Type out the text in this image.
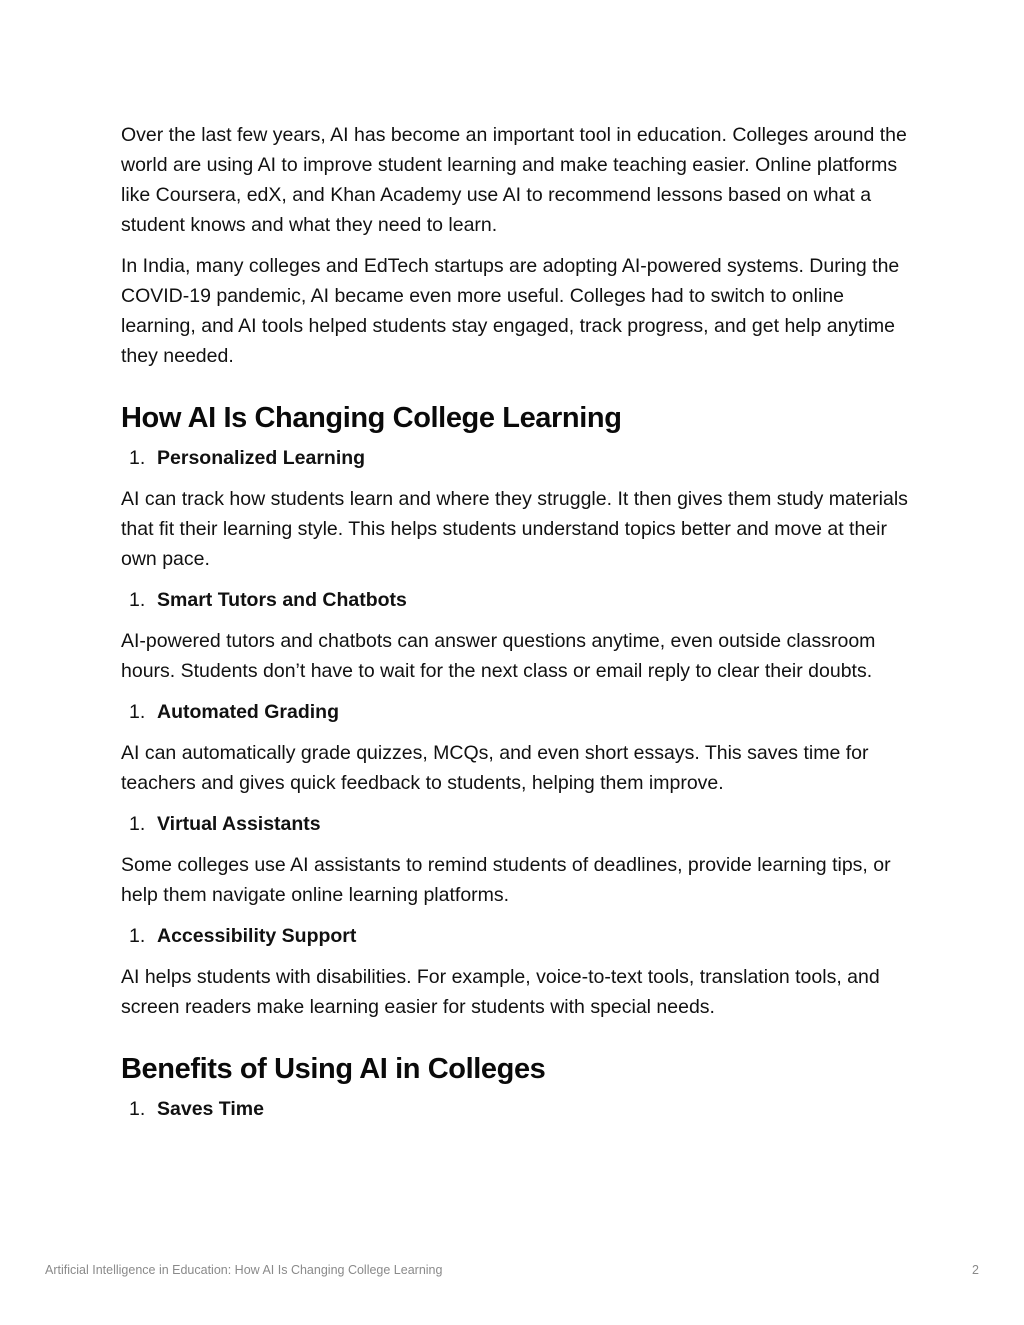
Over the last few years, AI has become an important tool in education. Colleges around the world are using AI to improve student learning and make teaching easier. Online platforms like Coursera, edX, and Khan Academy use AI to recommend lessons based on what a student knows and what they need to learn.

In India, many colleges and EdTech startups are adopting AI-powered systems. During the COVID-19 pandemic, AI became even more useful. Colleges had to switch to online learning, and AI tools helped students stay engaged, track progress, and get help anytime they needed.

How AI Is Changing College Learning
1. Personalized Learning

AI can track how students learn and where they struggle. It then gives them study materials that fit their learning style. This helps students understand topics better and move at their own pace.

1. Smart Tutors and Chatbots

AI-powered tutors and chatbots can answer questions anytime, even outside classroom hours. Students don’t have to wait for the next class or email reply to clear their doubts.

1. Automated Grading

AI can automatically grade quizzes, MCQs, and even short essays. This saves time for teachers and gives quick feedback to students, helping them improve.

1. Virtual Assistants

Some colleges use AI assistants to remind students of deadlines, provide learning tips, or help them navigate online learning platforms.

1. Accessibility Support

AI helps students with disabilities. For example, voice-to-text tools, translation tools, and screen readers make learning easier for students with special needs.

Benefits of Using AI in Colleges
1. Saves Time
Artificial Intelligence in Education: How AI Is Changing College Learning	2
